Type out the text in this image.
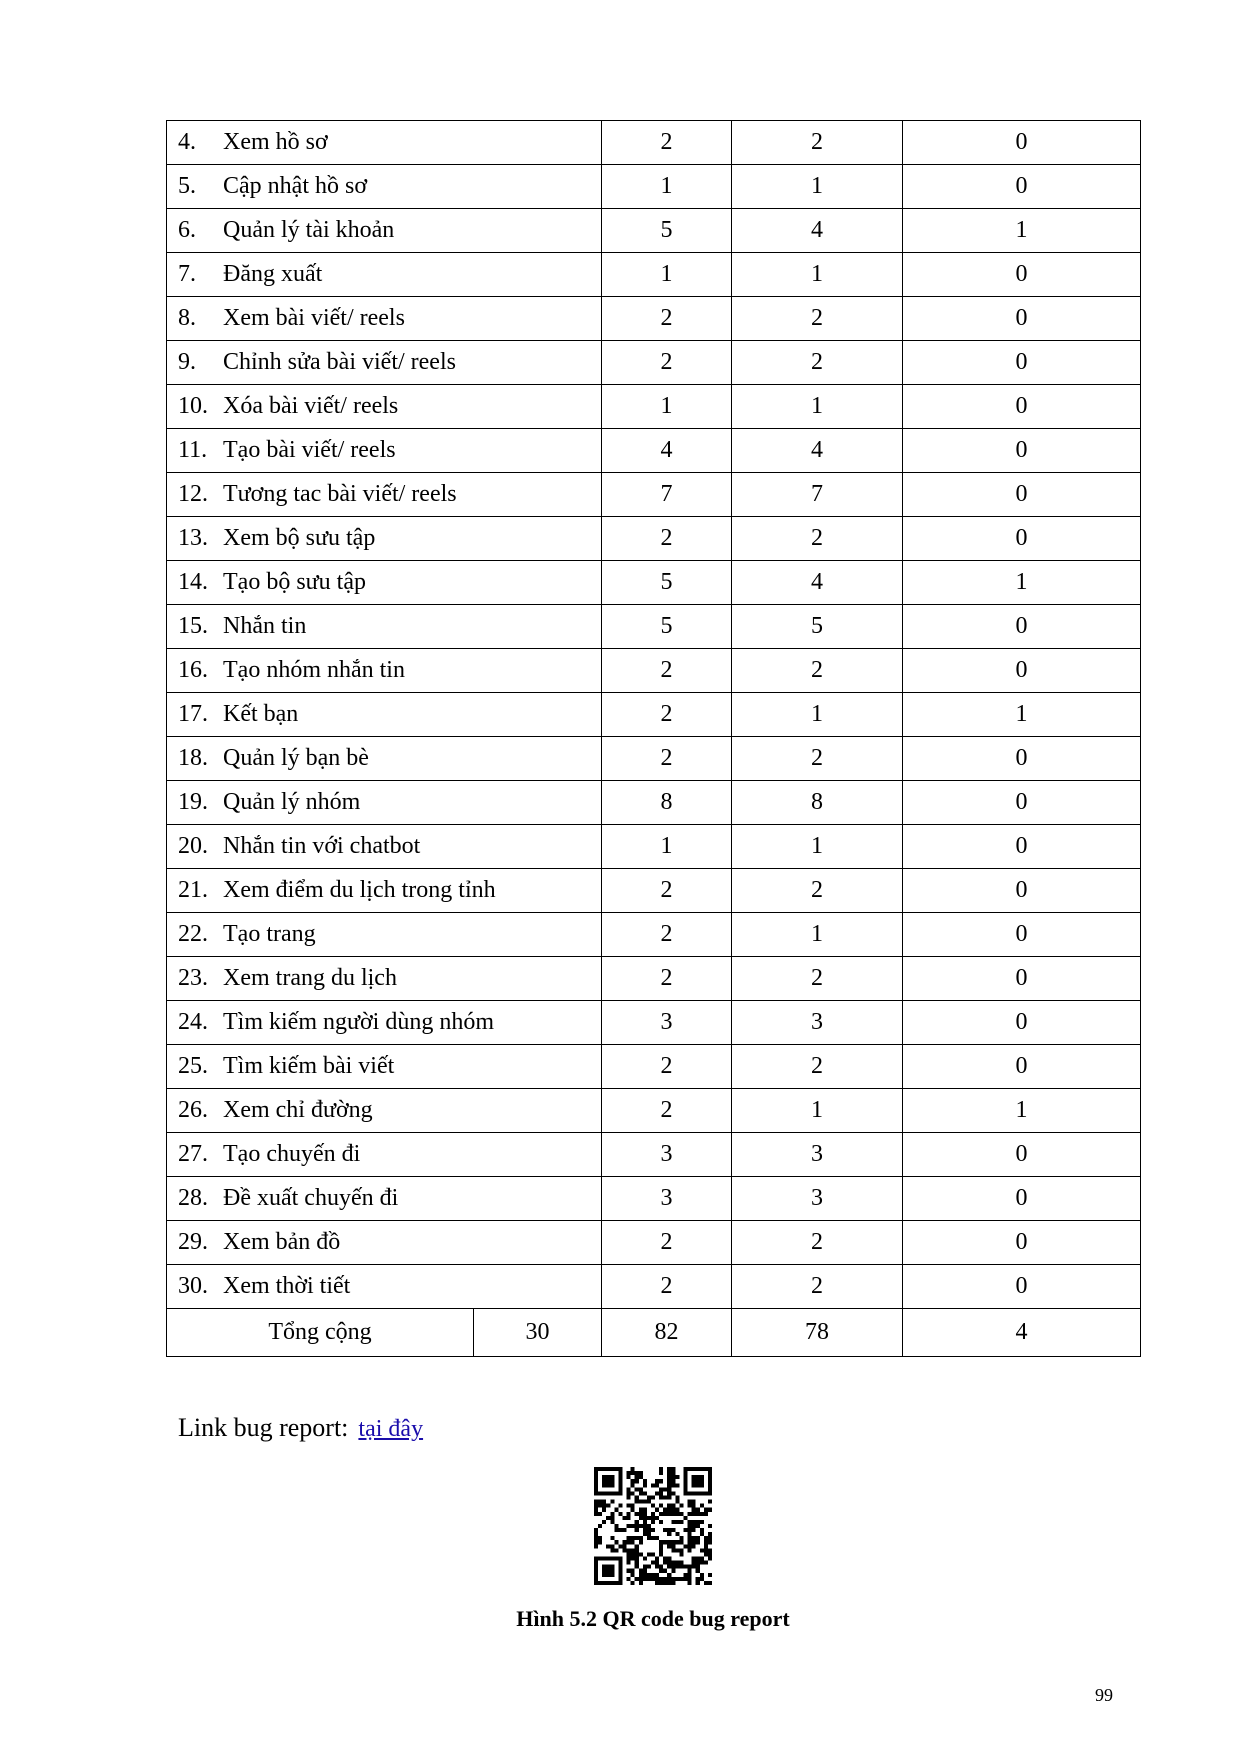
4. Xem hồ sơ		2	2	0
5. Cập nhật hồ sơ		1	1	0
6. Quản lý tài khoản		5	4	1
7. Đăng xuất		1	1	0
8. Xem bài viết/ reels		2	2	0
9. Chỉnh sửa bài viết/ reels		2	2	0
10. Xóa bài viết/ reels		1	1	0
11. Tạo bài viết/ reels		4	4	0
12. Tương tac bài viết/ reels		7	7	0
13. Xem bộ sưu tập		2	2	0
14. Tạo bộ sưu tập		5	4	1
15. Nhắn tin		5	5	0
16. Tạo nhóm nhắn tin		2	2	0
17. Kết bạn		2	1	1
18. Quản lý bạn bè		2	2	0
19. Quản lý nhóm		8	8	0
20. Nhắn tin với chatbot		1	1	0
21. Xem điểm du lịch trong tỉnh		2	2	0
22. Tạo trang		2	1	0
23. Xem trang du lịch		2	2	0
24. Tìm kiếm người dùng nhóm		3	3	0
25. Tìm kiếm bài viết		2	2	0
26. Xem chỉ đường		2	1	1
27. Tạo chuyến đi		3	3	0
28. Đề xuất chuyến đi		3	3	0
29. Xem bản đồ		2	2	0
30. Xem thời tiết		2	2	0
Tổng cộng	30	82	78	4
Link bug report: tại đây
Hình 5.2 QR code bug report
99
